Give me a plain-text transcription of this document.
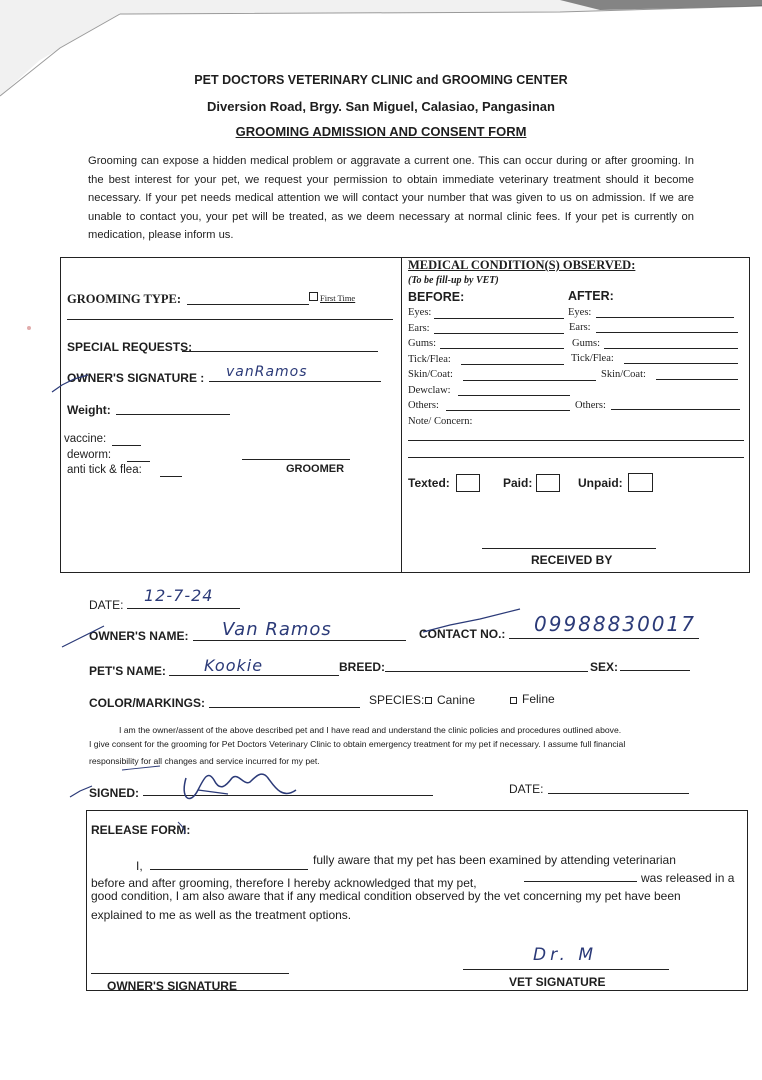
PET DOCTORS VETERINARY CLINIC and GROOMING CENTER
Diversion Road, Brgy. San Miguel, Calasiao, Pangasinan
GROOMING ADMISSION AND CONSENT FORM
Grooming can expose a hidden medical problem or aggravate a current one. This can occur during or after grooming. In the best interest for your pet, we request your permission to obtain immediate veterinary treatment should it become necessary. If your pet needs medical attention we will contact your number that was given to us on admission. If we are unable to contact you, your pet will be treated, as we deem necessary at normal clinic fees. If your pet is currently on medication, please inform us.
GROOMING TYPE:	First Time
SPECIAL REQUESTS:
OWNER'S SIGNATURE : vanRamos
Weight:
vaccine:
deworm:
anti tick & flea:	GROOMER
MEDICAL CONDITION(S) OBSERVED:
(To be fill-up by VET)
BEFORE:	AFTER:
Eyes:	Eyes:
Ears:	Ears:
Gums:	Gums:
Tick/Flea:	Tick/Flea:
Skin/Coat:	Skin/Coat:
Dewclaw:
Others:	Others:
Note/ Concern:
Texted:	Paid:	Unpaid:
RECEIVED BY
DATE: 12-7-24
OWNER'S NAME: Van Ramos	CONTACT NO.: 09988830017
PET'S NAME: Kookie	BREED:	SEX:
COLOR/MARKINGS:	SPECIES: Canine	Feline
I am the owner/assent of the above described pet and I have read and understand the clinic policies and procedures outlined above.
I give consent for the grooming for Pet Doctors Veterinary Clinic to obtain emergency treatment for my pet if necessary. I assume full financial
responsibility for all changes and service incurred for my pet.
SIGNED:	DATE:
RELEASE FORM:
I,	fully aware that my pet has been examined by attending veterinarian
before and after grooming, therefore I hereby acknowledged that my pet,	was released in a
good condition, I am also aware that if any medical condition observed by the vet concerning my pet have been
explained to me as well as the treatment options.
OWNER'S SIGNATURE	VET SIGNATURE
Dr. M
